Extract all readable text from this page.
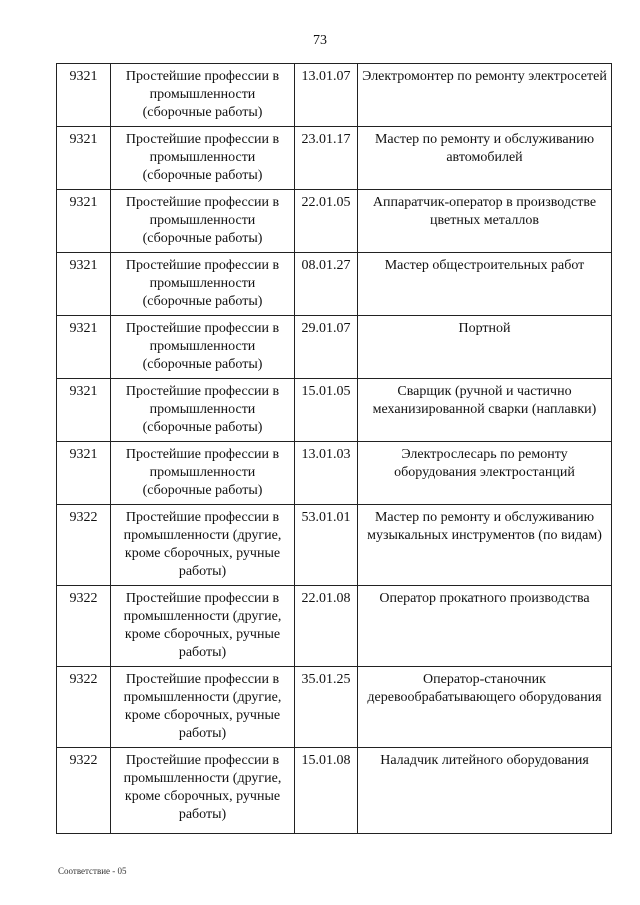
73
9321	Простейшие профессии в промышленности (сборочные работы)	13.01.07	Электромонтер по ремонту электросетей
9321	Простейшие профессии в промышленности (сборочные работы)	23.01.17	Мастер по ремонту и обслуживанию автомобилей
9321	Простейшие профессии в промышленности (сборочные работы)	22.01.05	Аппаратчик-оператор в производстве цветных металлов
9321	Простейшие профессии в промышленности (сборочные работы)	08.01.27	Мастер общестроительных работ
9321	Простейшие профессии в промышленности (сборочные работы)	29.01.07	Портной
9321	Простейшие профессии в промышленности (сборочные работы)	15.01.05	Сварщик (ручной и частично механизированной сварки (наплавки)
9321	Простейшие профессии в промышленности (сборочные работы)	13.01.03	Электрослесарь по ремонту оборудования электростанций
9322	Простейшие профессии в промышленности (другие, кроме сборочных, ручные работы)	53.01.01	Мастер по ремонту и обслуживанию музыкальных инструментов (по видам)
9322	Простейшие профессии в промышленности (другие, кроме сборочных, ручные работы)	22.01.08	Оператор прокатного производства
9322	Простейшие профессии в промышленности (другие, кроме сборочных, ручные работы)	35.01.25	Оператор-станочник деревообрабатывающего оборудования
9322	Простейшие профессии в промышленности (другие, кроме сборочных, ручные работы)	15.01.08	Наладчик литейного оборудования
Соответствие - 05
